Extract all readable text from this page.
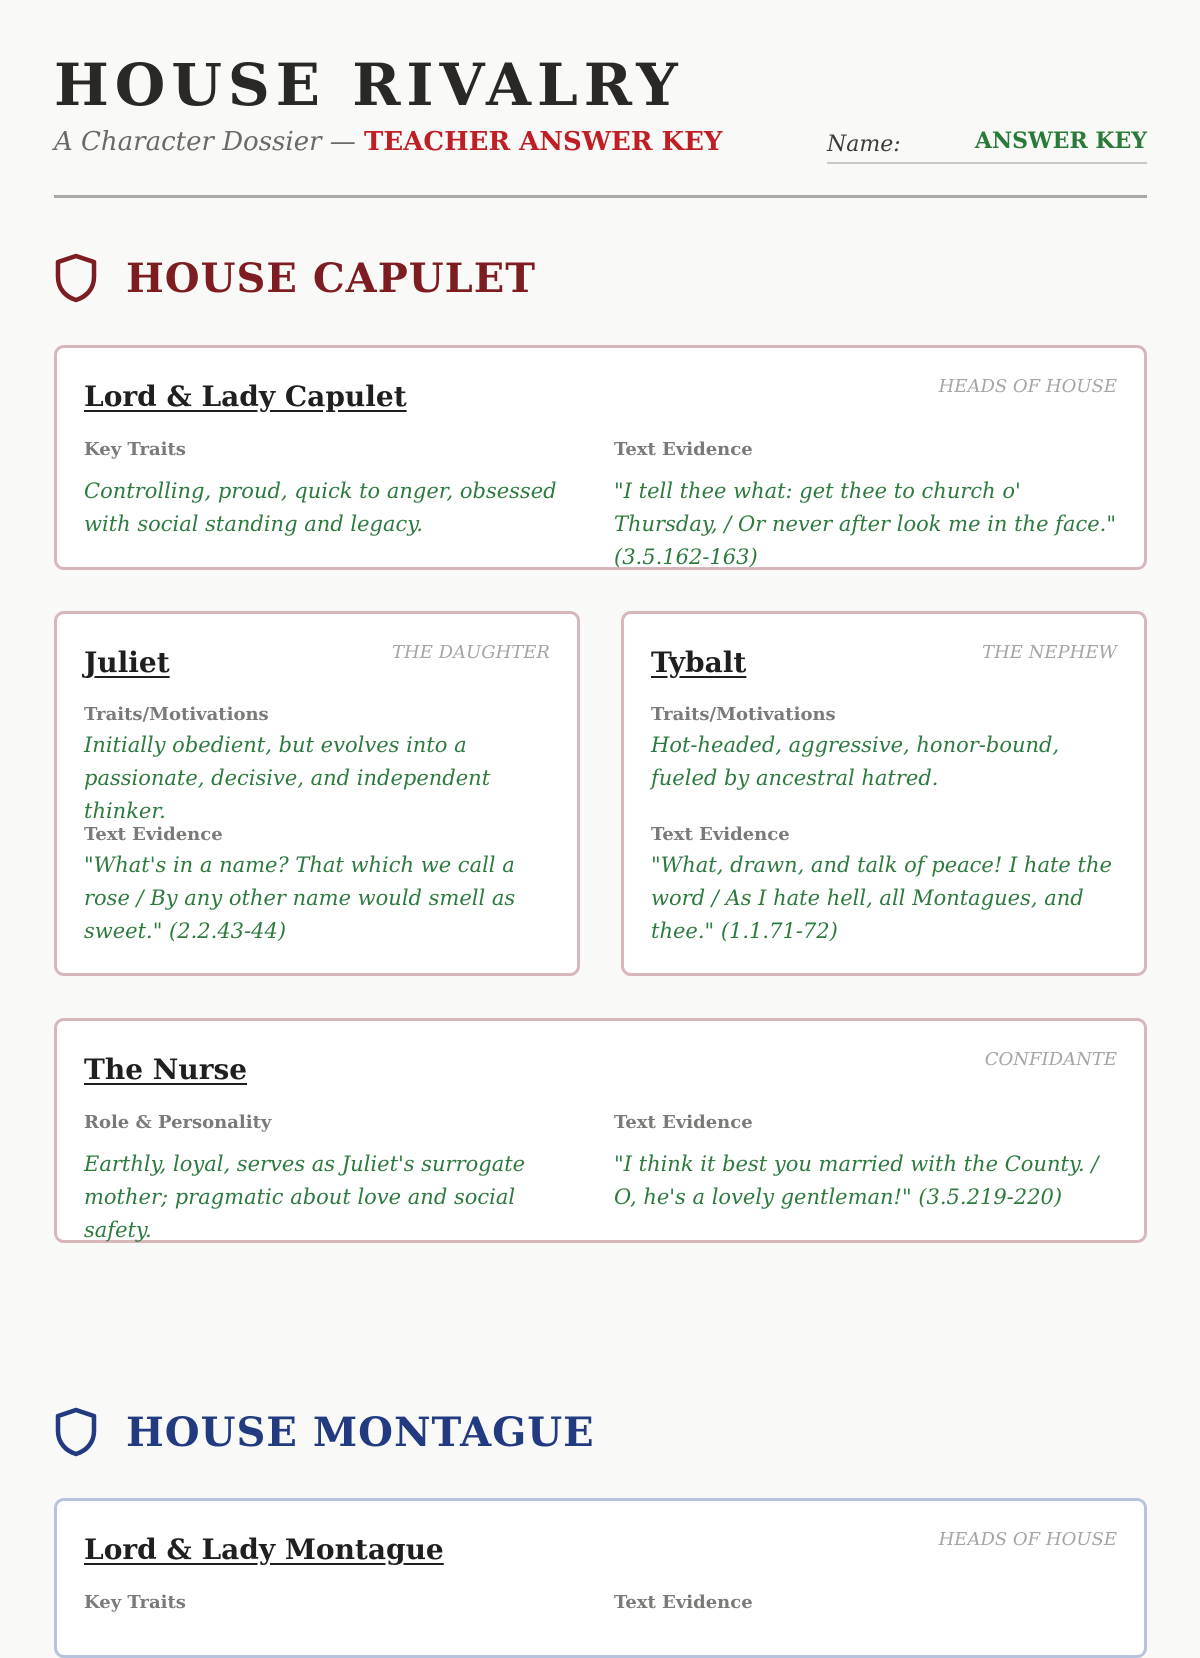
HOUSE RIVALRY
A Character Dossier — TEACHER ANSWER KEY	Name:	ANSWER KEY
HOUSE CAPULET
Lord & Lady Capulet	HEADS OF HOUSE
Key Traits
Controlling, proud, quick to anger, obsessed with social standing and legacy.
Text Evidence
"I tell thee what: get thee to church o' Thursday, / Or never after look me in the face." (3.5.162-163)
Juliet	THE DAUGHTER
Traits/Motivations
Initially obedient, but evolves into a passionate, decisive, and independent thinker.
Text Evidence
"What's in a name? That which we call a rose / By any other name would smell as sweet." (2.2.43-44)
Tybalt	THE NEPHEW
Traits/Motivations
Hot-headed, aggressive, honor-bound, fueled by ancestral hatred.
Text Evidence
"What, drawn, and talk of peace! I hate the word / As I hate hell, all Montagues, and thee." (1.1.71-72)
The Nurse	CONFIDANTE
Role & Personality
Earthly, loyal, serves as Juliet's surrogate mother; pragmatic about love and social safety.
Text Evidence
"I think it best you married with the County. / O, he's a lovely gentleman!" (3.5.219-220)
HOUSE MONTAGUE
Lord & Lady Montague	HEADS OF HOUSE
Key Traits	Text Evidence
